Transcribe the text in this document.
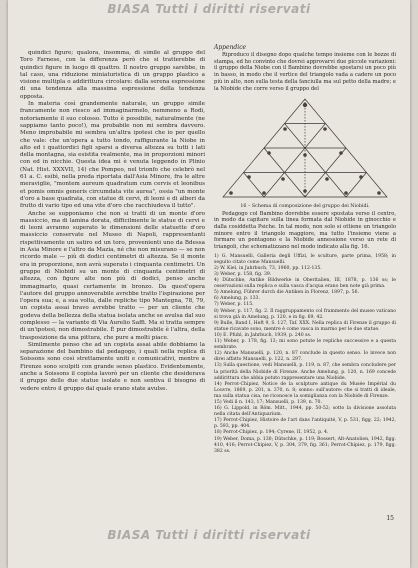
BIASA Tutti i diritti riservati

quindici figure; qualora, insomma, di simile al gruppo del Toro Farnese, con la differenza però che si tratterebbe di quindici figure in luogo di quattro. Il nostro gruppo sarebbe, in tal caso, una riduzione miniaturistica di un gruppo plastico a visione multipla o addirittura circolare: dalla serena espressione di una tendenza alla massima espressione della tendenza opposta.

In materia così grandemente naturale, un gruppo simile francamente non riesco ad immaginarmelo, nemmeno a Rodi, notoriamente il suo colosso. Tutto è possibile, naturalmente (ne sappiamo tanto poco!), ma probabile non mi sembra davvero. Meno improbabile mi sembra un'altra ipotesi che io per quello che vale: che un'opera a tutto tondo, raffigurante la Niobe in alto ed i quattordici figli sparsi a diversa altezza su tutti i lati della montagna, sia esistita realmente, ma in proporzioni minori con ed in nicchie. Questa idea mi è venuta leggendo in Plinio (Nat. Hist. XXXVII, 14) che Pompeo, nel trionfo che celebrò nel 61 a. C. esibì, nella preda riportata dall'Asia Minore, fra le altre meraviglie, "montem aureum quadratum cum cervis et leonibus et pomis omnis generis circumdata vite aurea", ossia "un monte d'oro a base quadrata, con statue di cervi, di leoni e di alberi da frutto di vario tipo ed una vite d'oro che racchiudeva il tutto".

Anche se supponiamo che non si tratti di un monte d'oro massiccio, ma di lamina dorata, difficilmente le statue di cervi e di leoni avranno superato le dimensioni delle statuette d'oro massiccio conservate nel Museo di Napoli, rappresentanti rispettivamente un satiro ed un toro, provenienti uno da Bdessa in Asia Minore e l'altro da Mazia, né che non misurano — se non ricordo male — più di dodici centimetri di altezza. Se il monte era in proporzione, non avrà superato i cinquanta centimetri. Un gruppo di Niobidi su un monte di cinquanta centimetri di altezza, con figure alte non più di dodici, penso anche immaginarlo, quasi certamente in bronzo. Da quest'opera l'autore del gruppo annoverabile avrebbe tratto l'ispirazione per l'opera sua; e, a sua volta, dalle repliche tipo Mantegna, 78, 79, un copista assai bravo avrebbe tratto — per un cliente che godeva della bellezza della statua isolata anche se avulsa dal suo complesso — la variante di Via Aurelio Saffi. Ma si tratta sempre di un'ipotesi, non dimostrabile. È pur dimostrabile è l'altra, della trasposizione da una pittura, che pure a molti piace.

Similmente penso che ad un copista assai abile dobbiamo la separazione del bambino dal pedagogo, i quali nella replica di Soissons sono così strettamente uniti e comunicativi, mentre a Firenze sono scolpiti con grande senso plastico. Evidentemente, anche a Soissons il copista lavorò per un cliente che desiderava il gruppo delle due statue isolate e non sentiva il bisogno di vedere entro il gruppo dal quale erano state avulse.

Appendice

Riproduco il disegno dopo qualche tempo insieme con le bozze di stampa, ed ho convinto che dovrei approvarvi due piccole variazioni: il gruppo della Niobe con il Bambino dovrebbe spostarsi un poco più in basso, in modo che il vertice del triangolo vada a cadere un poco più in alto, non sulla testa della fanciulla ma sul petto della madre; e la Niobide che corre verso il gruppo del

16 – Schema di composizione del gruppo dei Niobidi.

Pedagogo col Bambino dovrebbe essere spostata verso il centro, in modo da capitare sulla linea formata dal Niobide in ginocchio e dalla cosiddetta Psiche. In tal modo, non solo si ottiene un triangolo minore entro il triangolo maggiore, ma tutto l'insieme viene a formare un pentagono e la Niobide annessione verso un rete di triangoli, che schematizzano nel modo indicato alla fig. 16.

1) G. Mansuelli, Galleria degli Uffizi, le sculture, parte prima, 1958; in seguito citato come Mansuelli.

2) W. Kiel, in Jahrbuch, 73, 1960, pp. 112-135.

3) Weber, p. 158, fig. 39.

4) Dütschke, Antike Bildwerke in Oberitalien, III, 1878, p. 136 ss; le osservazioni sulla replica e sulla vasca d'acqua erano ben note già prima.

5) Amelung, Führer durch die Antiken in Florenz, 1897, p. 56.

6) Amelung, p. 133.

7) Weber, p. 115.

8) Weber, p. 117, fig. 2. Il raggruppamento col frammento del museo vaticano si trova già in Amelung, p. 120, e in fig. 69, 42.

9) Bulle, Band I, Heft 9, S. 127, Taf. XXX. Nella replica di Firenze il gruppo di statue ricavate sono, mentre è come vasca in marmo per le due statue.

10) E. Pfuhl, in Jahrbuch, 1939, p. 240 ss.

11) Weber, p. 178, fig. 13; mi sono potute le repliche successive e a questa sembrate.

12) Anche Mansuelli, p. 120, n. 87 conclude in questo senso. Io invece non direi affatto Mansuelli, p. 122, n. 297.

13) Sulla questione, vedi Mansuelli, p. 119, n. 87, che sembra concludere per la priorità della Niobide di Firenze. Anche Amelung, p. 120, n. 169 concede addirittura che abbia potuto rappresentare una Niobide.

14) Perrot-Chipiez, Notice de la sculpture antique du Musée Impérial du Louvre, 1869, p. 201, n. 370, n. 8; sonno: sull'autore: che si tratti di ideale, ma sulla statua cisa, ne riconosce la somiglianza con la Niobide di Firenze.

15) Vedi il n. 143, 17; Mansuelli, p. 139, n. 70.

16) G. Lippold, in Röm. Mitt., 1944, pp. 50-52; sotto la divisione assoluta nella citata dell'Antiquarium.

17) Perrot-Chipiez, Histoire de l'art dans l'antiquité, V, p. 531, figg. 22; 1942, p. 593, pp. 404.

18) Perrot-Chipiez, p. 194; Cyrene, II, 1952, p. 4.

19) Weber, Doma, p. 130; Dütschke, p. 119; Bossert, Alt-Anatolien, 1942, figg. 410, 416; Perrot-Chipiez, V, p. 304, 379, fig. 361; Perrot-Chipiez, p. 179, figg. 382 ss.

15
BIASA Tutti i diritti riservati
